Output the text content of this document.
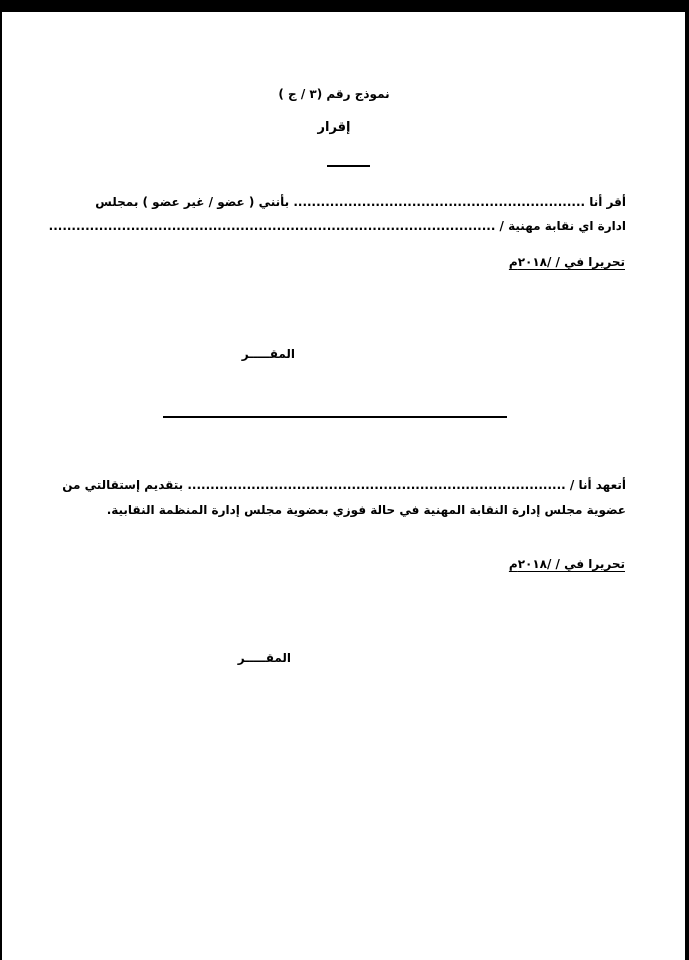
نموذج رقم (٣ / ج )
إقرار
أقر أنا ................................................................ بأنني ( عضو / غير عضو ) بمجلس
ادارة اي نقابة مهنية / ..................................................................................................
تحريرا في / /٢٠١٨م
المقـــــر
أتعهد أنا / ................................................................................... بتقديم إستقالتي من
عضوية مجلس إدارة النقابة المهنية في حالة فوزي بعضوية مجلس إدارة المنظمة النقابية.
تحريرا في / /٢٠١٨م
المقـــــر
